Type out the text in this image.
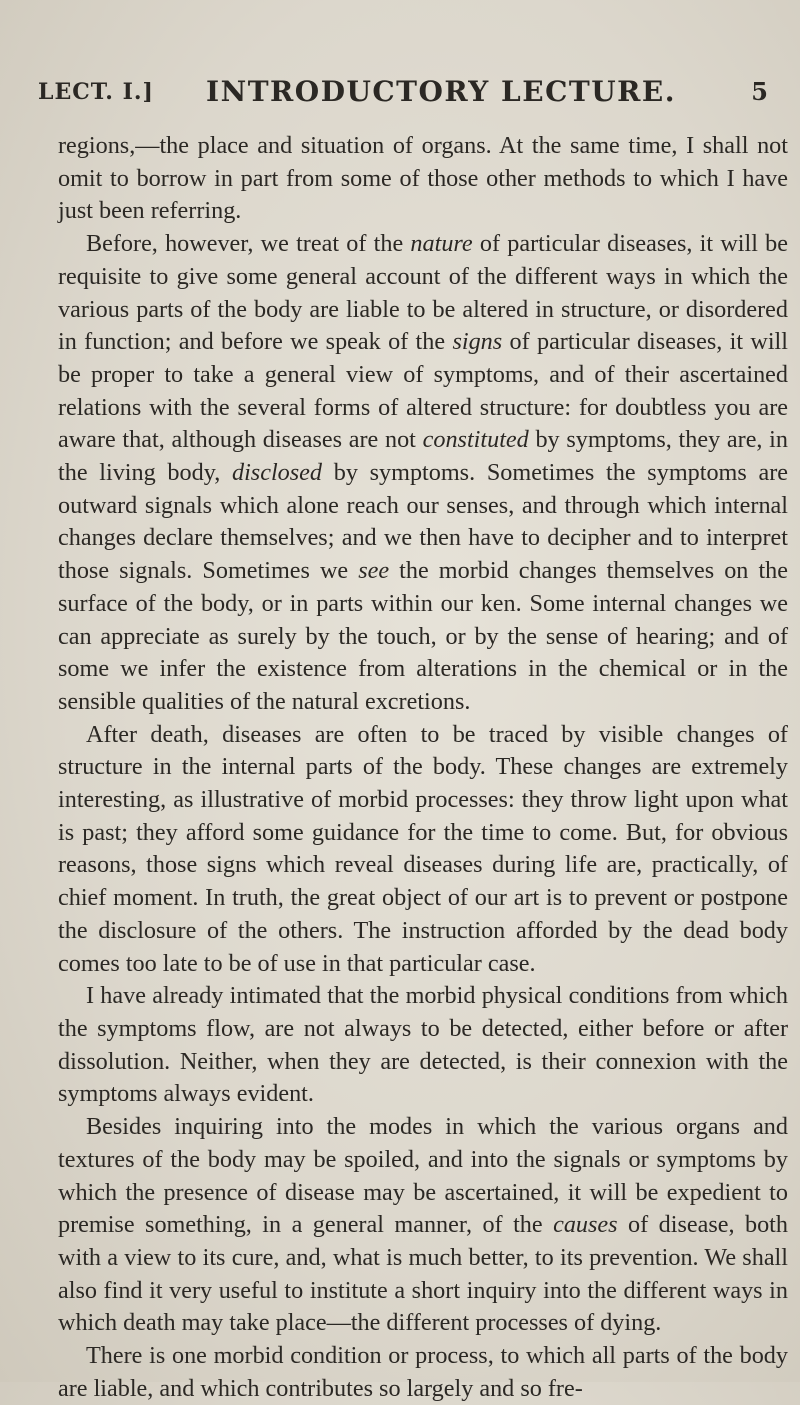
LECT. I.] INTRODUCTORY LECTURE.	5

regions,—the place and situation of organs. At the same time, I shall not omit to borrow in part from some of those other methods to which I have just been referring.

Before, however, we treat of the nature of particular diseases, it will be requisite to give some general account of the different ways in which the various parts of the body are liable to be altered in structure, or disordered in function; and before we speak of the signs of particular diseases, it will be proper to take a general view of symptoms, and of their ascertained relations with the several forms of altered structure: for doubtless you are aware that, although diseases are not constituted by symptoms, they are, in the living body, disclosed by symptoms. Sometimes the symptoms are outward signals which alone reach our senses, and through which internal changes declare themselves; and we then have to decipher and to interpret those signals. Sometimes we see the morbid changes themselves on the surface of the body, or in parts within our ken. Some internal changes we can appreciate as surely by the touch, or by the sense of hearing; and of some we infer the existence from alterations in the chemical or in the sensible qualities of the natural excretions.

After death, diseases are often to be traced by visible changes of structure in the internal parts of the body. These changes are extremely interesting, as illustrative of morbid processes: they throw light upon what is past; they afford some guidance for the time to come. But, for obvious reasons, those signs which reveal diseases during life are, practically, of chief moment. In truth, the great object of our art is to prevent or postpone the disclosure of the others. The instruction afforded by the dead body comes too late to be of use in that particular case.

I have already intimated that the morbid physical conditions from which the symptoms flow, are not always to be detected, either before or after dissolution. Neither, when they are detected, is their connexion with the symptoms always evident.

Besides inquiring into the modes in which the various organs and textures of the body may be spoiled, and into the signals or symptoms by which the presence of disease may be ascertained, it will be expedient to premise something, in a general manner, of the causes of disease, both with a view to its cure, and, what is much better, to its prevention. We shall also find it very useful to institute a short inquiry into the different ways in which death may take place—the different processes of dying.

There is one morbid condition or process, to which all parts of the body are liable, and which contributes so largely and so fre-
